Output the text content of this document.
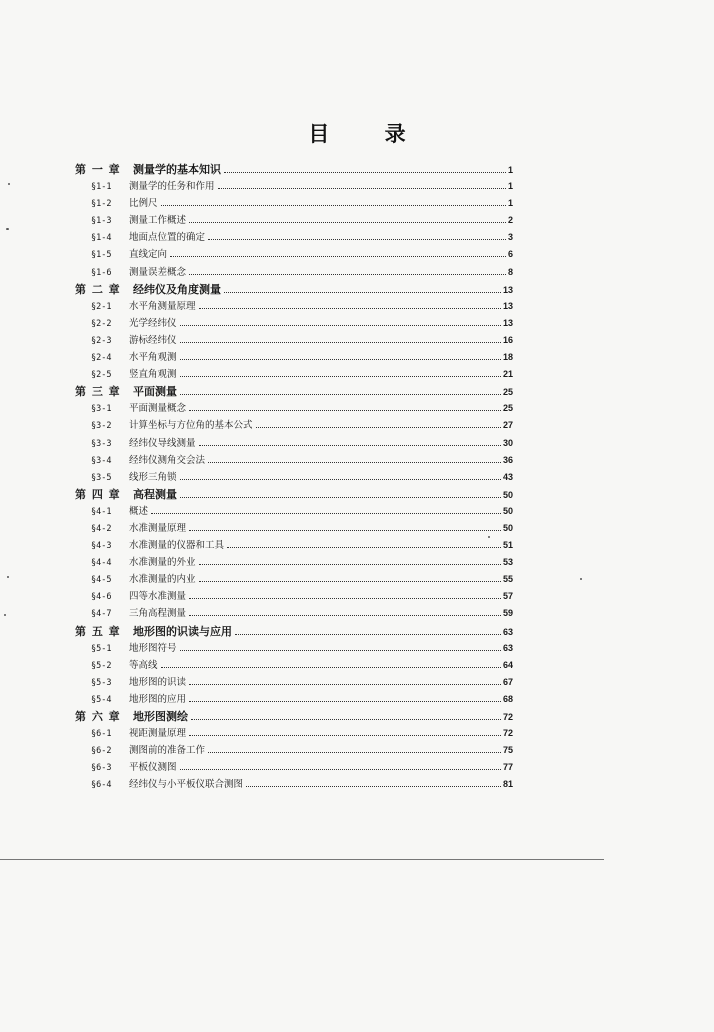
目 录
第 一 章	测量学的基本知识	1
§1-1	测量学的任务和作用	1
§1-2	比例尺	1
§1-3	测量工作概述	2
§1-4	地面点位置的确定	3
§1-5	直线定向	6
§1-6	测量误差概念	8
第 二 章	经纬仪及角度测量	13
§2-1	水平角测量原理	13
§2-2	光学经纬仪	13
§2-3	游标经纬仪	16
§2-4	水平角观测	18
§2-5	竖直角观测	21
第 三 章	平面测量	25
§3-1	平面测量概念	25
§3-2	计算坐标与方位角的基本公式	27
§3-3	经纬仪导线测量	30
§3-4	经纬仪测角交会法	36
§3-5	线形三角锁	43
第 四 章	高程测量	50
§4-1	概述	50
§4-2	水准测量原理	50
§4-3	水准测量的仪器和工具	51
§4-4	水准测量的外业	53
§4-5	水准测量的内业	55
§4-6	四等水准测量	57
§4-7	三角高程测量	59
第 五 章	地形图的识读与应用	63
§5-1	地形图符号	63
§5-2	等高线	64
§5-3	地形图的识读	67
§5-4	地形图的应用	68
第 六 章	地形图测绘	72
§6-1	视距测量原理	72
§6-2	测图前的准备工作	75
§6-3	平板仪测图	77
§6-4	经纬仪与小平板仪联合测图	81
